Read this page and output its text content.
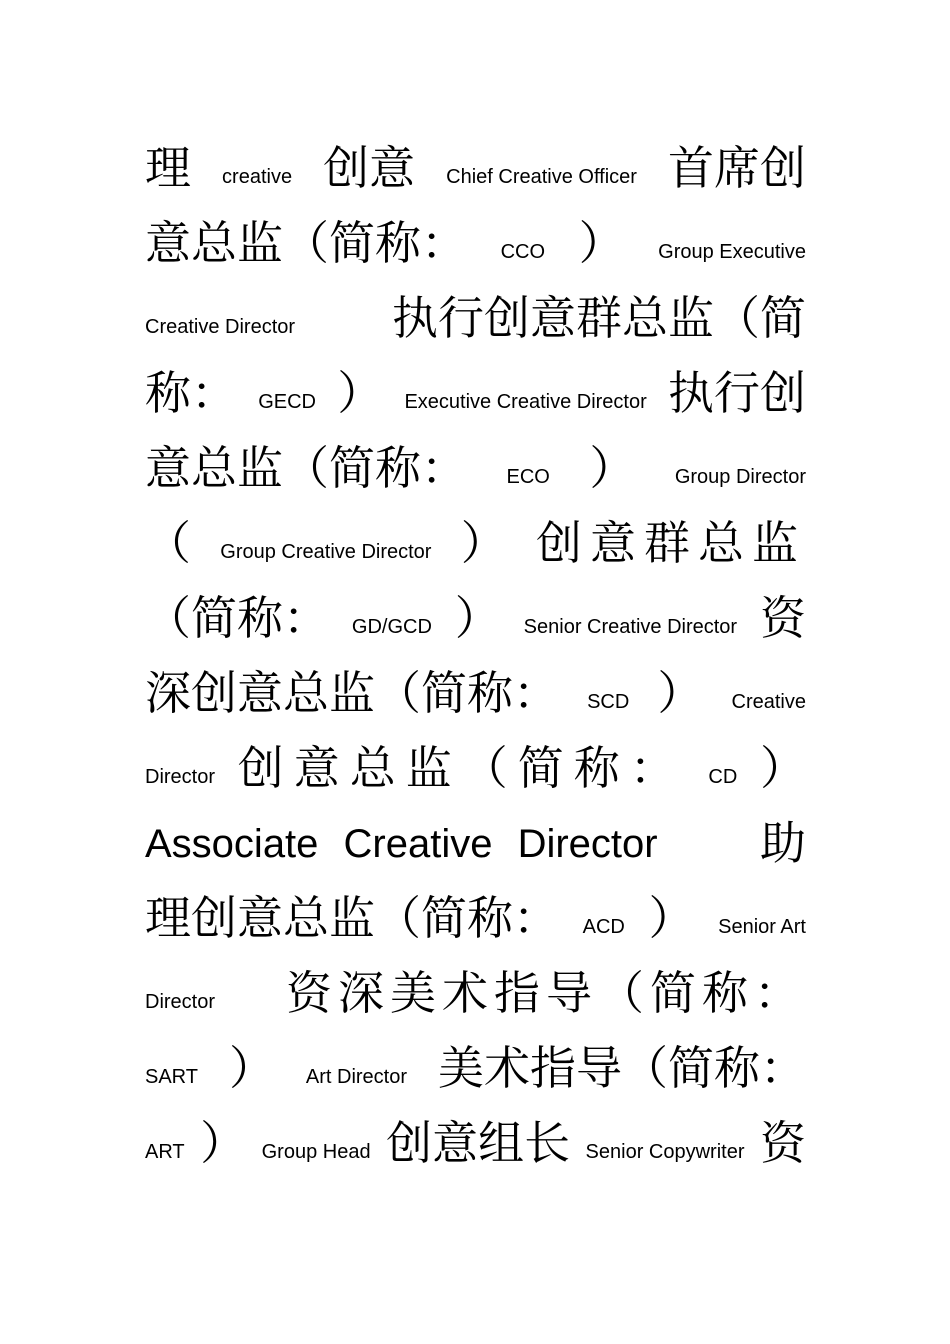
理 creative 创意 Chief Creative Officer 首席创
意总监（简称： CCO ） Group Executive
Creative Director 执行创意群总监（简
称： GECD ） Executive Creative Director 执行创
意总监（简称： ECO ） Group Director
（ Group Creative Director ） 创意群总监
（简称： GD/GCD ） Senior Creative Director 资
深创意总监（简称： SCD ） Creative
Director 创意总监（简称： CD ）
Associate Creative Director 助
理创意总监（简称： ACD ） Senior Art
Director 资深美术指导（简称：
SART ） Art Director 美术指导（简称：
ART ） Group Head 创意组长 Senior Copywriter 资
